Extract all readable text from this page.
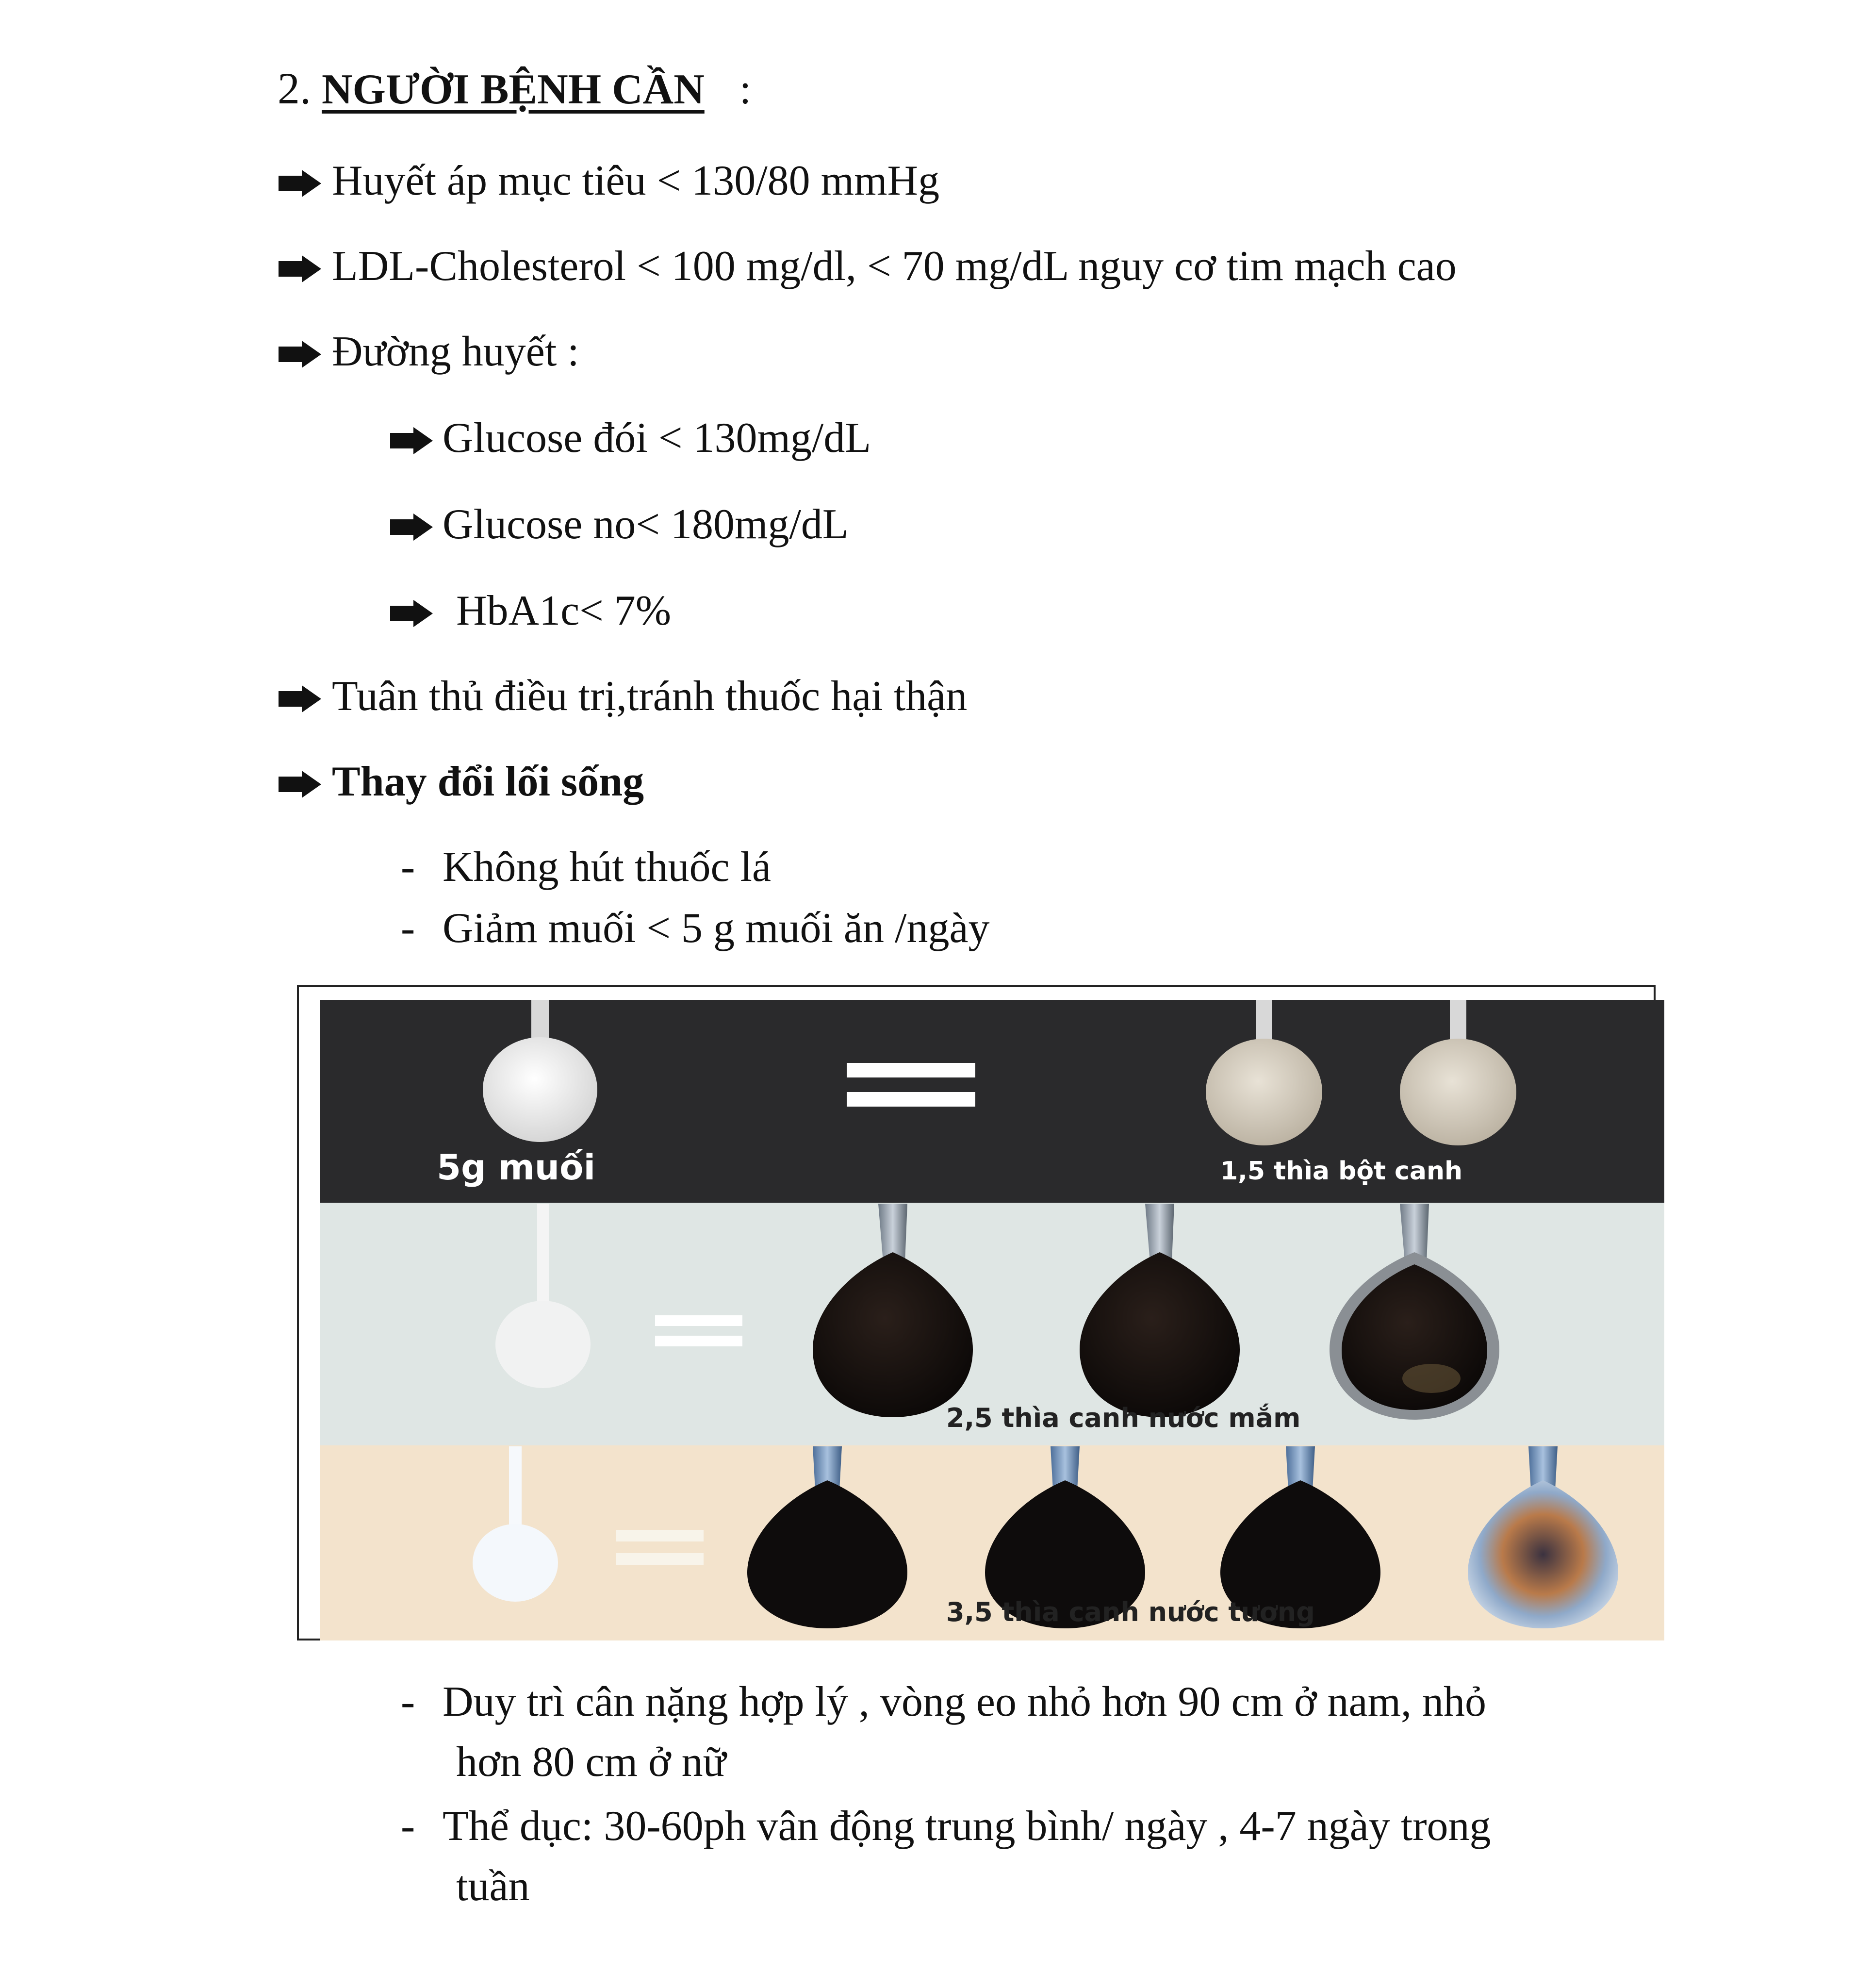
2. NGƯỜI BỆNH CẦN :
Huyết áp mục tiêu < 130/80 mmHg
LDL-Cholesterol < 100 mg/dl, < 70 mg/dL nguy cơ tim mạch cao
Đường huyết :
Glucose đói < 130mg/dL
Glucose no< 180mg/dL
HbA1c< 7%
Tuân thủ điều trị,tránh thuốc hại thận
Thay đổi lối sống
- Không hút thuốc lá
- Giảm muối < 5 g muối ăn /ngày
5g muối	1,5 thìa bột canh
2,5 thìa canh nước mắm
3,5 thìa canh nước tương
- Duy trì cân nặng hợp lý , vòng eo nhỏ hơn 90 cm ở nam, nhỏ
hơn 80 cm ở nữ
- Thể dục: 30-60ph vân động trung bình/ ngày , 4-7 ngày trong
tuần
